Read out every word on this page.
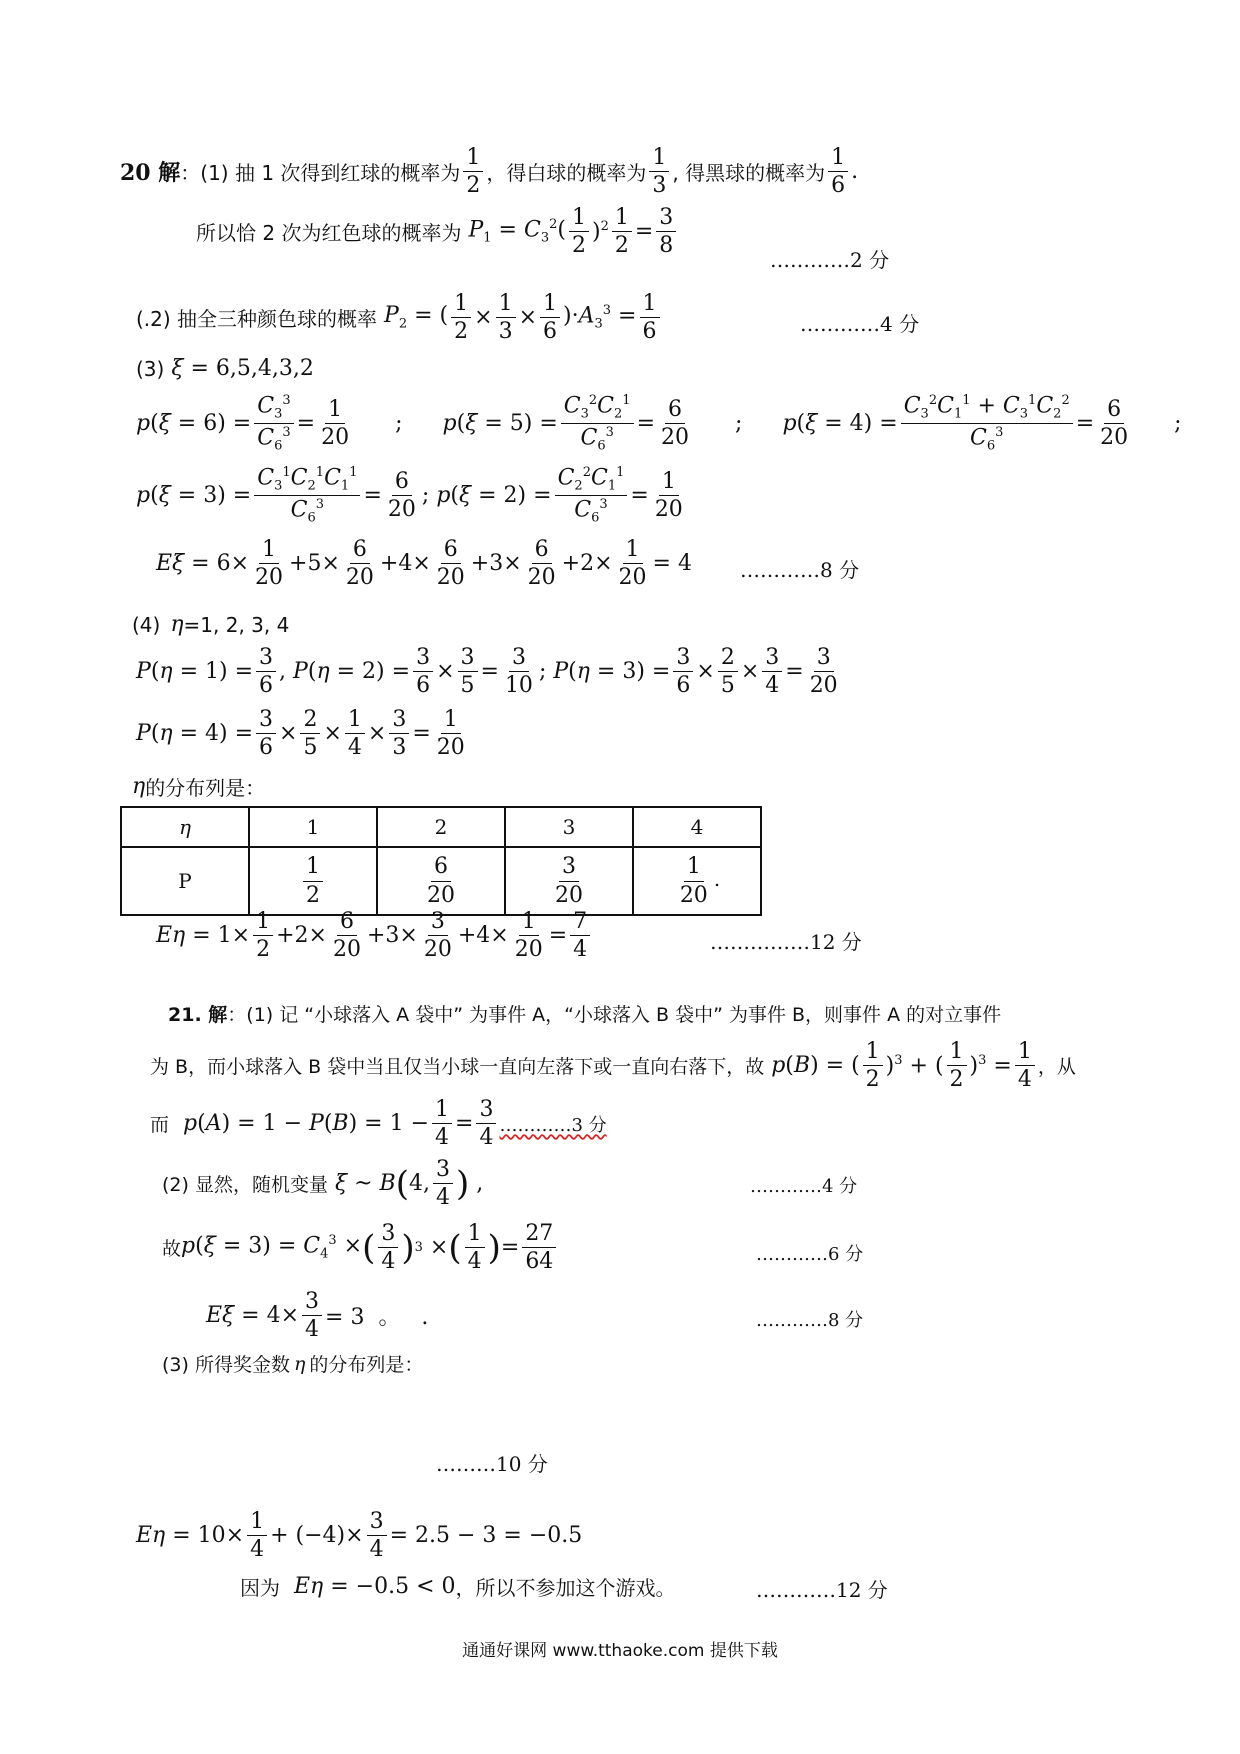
20 解 ：(1) 抽 1 次得到红球的概率为 $\frac{1}{2}$ ，得白球的概率为 $\frac{1}{3}$ , 得黑球的概率为 $\frac{1}{6}$ .
所以恰 2 次为红色球的概率为 $P_1 = C_3^2( \frac{1}{2} )^2 \frac{1}{2} = \frac{3}{8}$
…………2 分
(.2) 抽全三种颜色球的概率 $P_2$ = ( $\frac{1}{2} \times \frac{1}{3} \times \frac{1}{6} )\cdot A_3^3 = \frac{1}{6}$	…………4 分
(3) ξ = 6,5,4,3,2
$p(\xi = 6) = \frac{C_3^3}{C_6^3} = \frac{1}{20}$ ; $p(\xi = 5) = \frac{C_3^2C_2^1}{C_6^3} = \frac{6}{20}$ ; $p(\xi = 4) = \frac{C_3^2C_1^1 + C_3^1C_2^2}{C_6^3} = \frac{6}{20}$ ;
$p(\xi = 3) = \frac{C_3^1C_2^1C_1^1}{C_6^3} = \frac{6}{20}$ ; $p(\xi = 2) = \frac{C_2^2C_1^1}{C_6^3} = \frac{1}{20}$
$E\xi = 6\times \frac{1}{20} +5\times \frac{6}{20} +4\times \frac{6}{20} +3\times \frac{6}{20} +2\times \frac{1}{20} = 4$ …………8 分
(4) η =1, 2, 3, 4
$P(\eta = 1) = \frac{3}{6}$ , $P(\eta = 2) = \frac{3}{6} \times \frac{3}{5} = \frac{3}{10}$ ; $P(\eta = 3) = \frac{3}{6} \times \frac{2}{5} \times \frac{3}{4} = \frac{3}{20}$
$P(\eta = 4) = \frac{3}{6} \times \frac{2}{5} \times \frac{1}{4} \times \frac{3}{3} = \frac{1}{20}$
η 的分布列是：
η	1	2	3	4
P	$\frac{1}{2}$	$\frac{6}{20}$	$\frac{3}{20}$	$\frac{1}{20}$ .
$E\eta = 1\times \frac{1}{2} +2\times \frac{6}{20} +3\times \frac{3}{20} +4\times \frac{1}{20} = \frac{7}{4}$	……………12 分
21. 解 ：(1) 记 “小球落入 A 袋中” 为事件 A，“小球落入 B 袋中” 为事件 B，则事件 A 的对立事件
为 B，而小球落入 B 袋中当且仅当小球一直向左落下或一直向右落下，故 p(B) = ( $\frac{1}{2} )^3$ + ( $\frac{1}{2} )^3 = \frac{1}{4}$ ，从
而 $p(A) = 1 - P(B) = 1 - \frac{1}{4} = \frac{3}{4}$ …………3 分
(2) 显然，随机变量 ξ ~ B ( 4, $\frac{3}{4}$ ) ,	…………4 分
故 $p(\xi = 3) = C_4^3$ × ( $\frac{3}{4}$ ) 3 × ( $\frac{1}{4}$ ) = $\frac{27}{64}$	…………6 分
$E\xi = 4\times \frac{3}{4} = 3$  。   .	…………8 分
(3) 所得奖金数 η 的分布列是：
………10 分
$E\eta = 10\times \frac{1}{4} + (-4)\times \frac{3}{4} = 2.5 - 3 = -0.5$
因为 Eη = −0.5 < 0 ，所以不参加这个游戏。	…………12 分
通通好课网 www.tthaoke.com 提供下载
